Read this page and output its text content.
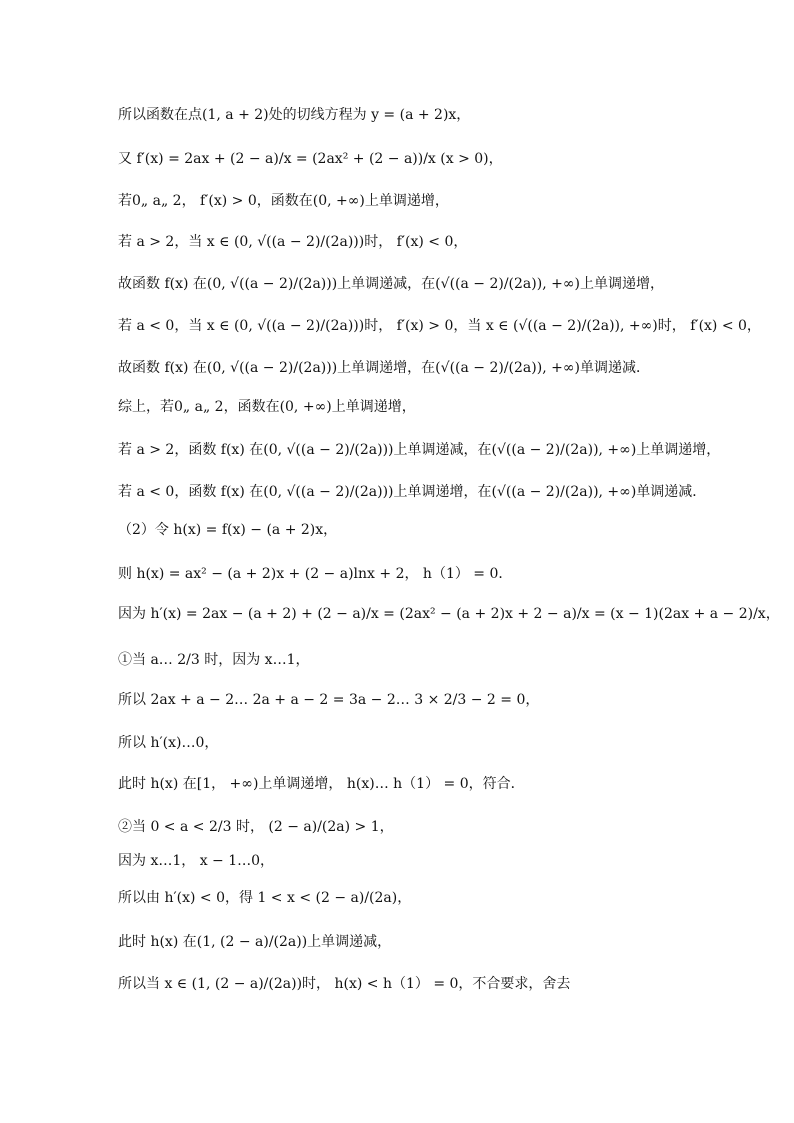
所以函数在点(1, a + 2)处的切线方程为 y = (a + 2)x，
又 f′(x) = 2ax + (2 − a)/x = (2ax² + (2 − a))/x (x > 0)，
若0„ a„ 2， f′(x) > 0，函数在(0, +∞)上单调递增，
若 a > 2，当 x ∈ (0, √((a − 2)/(2a)))时， f′(x) < 0，
故函数 f(x) 在(0, √((a − 2)/(2a)))上单调递减，在(√((a − 2)/(2a)), +∞)上单调递增，
若 a < 0，当 x ∈ (0, √((a − 2)/(2a)))时， f′(x) > 0，当 x ∈ (√((a − 2)/(2a)), +∞)时， f′(x) < 0，
故函数 f(x) 在(0, √((a − 2)/(2a)))上单调递增，在(√((a − 2)/(2a)), +∞)单调递减．
综上，若0„ a„ 2，函数在(0, +∞)上单调递增，
若 a > 2，函数 f(x) 在(0, √((a − 2)/(2a)))上单调递减，在(√((a − 2)/(2a)), +∞)上单调递增，
若 a < 0，函数 f(x) 在(0, √((a − 2)/(2a)))上单调递增，在(√((a − 2)/(2a)), +∞)单调递减．
（2）令 h(x) = f(x) − (a + 2)x，
则 h(x) = ax² − (a + 2)x + (2 − a)lnx + 2， h（1） = 0．
因为 h′(x) = 2ax − (a + 2) + (2 − a)/x = (2ax² − (a + 2)x + 2 − a)/x = (x − 1)(2ax + a − 2)/x，
①当 a… 2/3 时，因为 x…1，
所以 2ax + a − 2… 2a + a − 2 = 3a − 2… 3 × 2/3 − 2 = 0，
所以 h′(x)…0，
此时 h(x) 在[1， +∞)上单调递增， h(x)… h（1） = 0，符合．
②当 0 < a < 2/3 时， (2 − a)/(2a) > 1，
因为 x…1， x − 1…0，
所以由 h′(x) < 0，得 1 < x < (2 − a)/(2a)，
此时 h(x) 在(1, (2 − a)/(2a))上单调递减，
所以当 x ∈ (1, (2 − a)/(2a))时， h(x) < h（1） = 0，不合要求，舍去
